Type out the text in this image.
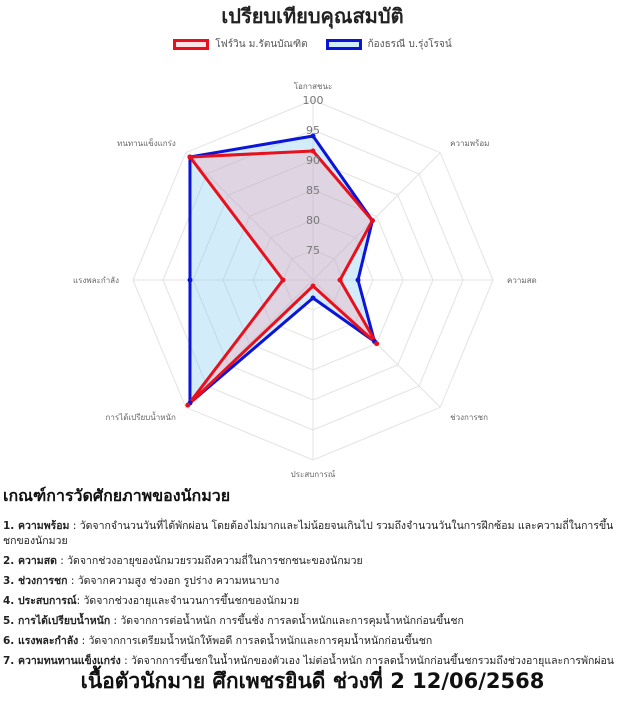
เปรียบเทียบคุณสมบัติ
โฟร์วิน ม.รัตนบัณฑิต	ก้องธรณี บ.รุ่งโรจน์
75
80
85
90
95
100
โอกาสชนะ
ความพร้อม
ความสด
ช่วงการชก
ประสบการณ์
การได้เปรียบน้ำหนัก
แรงพละกำลัง
ทนทานแข็งแกร่ง
เกณฑ์การวัดศักยภาพของนักมวย
1. ความพร้อม : วัดจากจำนวนวันที่ได้พักผ่อน โดยต้องไม่มากและไม่น้อยจนเกินไป รวมถึงจำนวนวันในการฝึกซ้อม และความถี่ในการขึ้นชกของนักมวย
2. ความสด : วัดจากช่วงอายุของนักมวยรวมถึงความถี่ในการชกชนะของนักมวย
3. ช่วงการชก : วัดจากความสูง ช่วงอก รูปร่าง ความหนาบาง
4. ประสบการณ์: วัดจากช่วงอายุและจำนวนการขึ้นชกของนักมวย
5. การได้เปรียบน้ำหนัก : วัดจากการต่อน้ำหนัก การขึ้นชั่ง การลดน้ำหนักและการคุมน้ำหนักก่อนขึ้นชก
6. แรงพละกำลัง : วัดจากการเตรียมน้ำหนักให้พอดี การลดน้ำหนักและการคุมน้ำหนักก่อนขึ้นชก
7. ความทนทานแข็งแกร่ง : วัดจากการขึ้นชกในน้ำหนักของตัวเอง ไม่ต่อน้ำหนัก การลดน้ำหนักก่อนขึ้นชกรวมถึงช่วงอายุและการพักผ่อน
เนื้อตัวนักมาย ศึกเพชรยินดี ช่วงที่ 2 12/06/2568
